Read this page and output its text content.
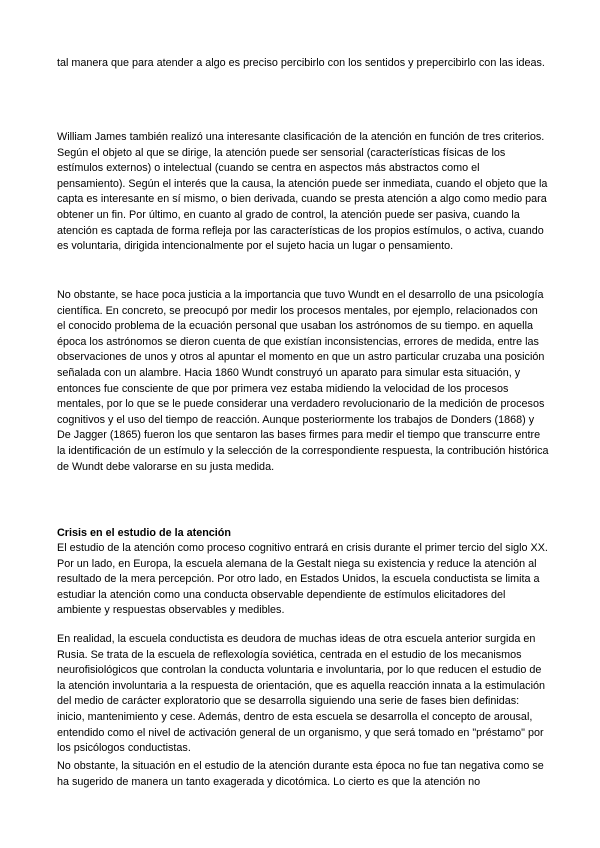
tal manera que para atender a algo es preciso percibirlo con los sentidos y prepercibirlo con las ideas.

William James también realizó una interesante clasificación de la atención en función de tres criterios. Según el objeto al que se dirige, la atención puede ser sensorial (características físicas de los estímulos externos) o intelectual (cuando se centra en aspectos más abstractos como el pensamiento). Según el interés que la causa, la atención puede ser inmediata, cuando el objeto que la capta es interesante en sí mismo, o bien derivada, cuando se presta atención a algo como medio para obtener un fin. Por último, en cuanto al grado de control, la atención puede ser pasiva, cuando la atención es captada de forma refleja por las características de los propios estímulos, o activa, cuando es voluntaria, dirigida intencionalmente por el sujeto hacia un lugar o pensamiento.

No obstante, se hace poca justicia a la importancia que tuvo Wundt en el desarrollo de una psicología científica. En concreto, se preocupó por medir los procesos mentales, por ejemplo, relacionados con el conocido problema de la ecuación personal que usaban los astrónomos de su tiempo. en aquella época los astrónomos se dieron cuenta de que existían inconsistencias, errores de medida, entre las observaciones de unos y otros al apuntar el momento en que un astro particular cruzaba una posición señalada con un alambre. Hacia 1860 Wundt construyó un aparato para simular esta situación, y entonces fue consciente de que por primera vez estaba midiendo la velocidad de los procesos mentales, por lo que se le puede considerar una verdadero revolucionario de la medición de procesos cognitivos y el uso del tiempo de reacción. Aunque posteriormente los trabajos de Donders (1868) y De Jagger (1865) fueron los que sentaron las bases firmes para medir el tiempo que transcurre entre la identificación de un estímulo y la selección de la correspondiente respuesta, la contribución histórica de Wundt debe valorarse en su justa medida.

Crisis en el estudio de la atención

El estudio de la atención como proceso cognitivo entrará en crisis durante el primer tercio del siglo XX. Por un lado, en Europa, la escuela alemana de la Gestalt niega su existencia y reduce la atención al resultado de la mera percepción. Por otro lado, en Estados Unidos, la escuela conductista se limita a estudiar la atención como una conducta observable dependiente de estímulos elicitadores del ambiente y respuestas observables y medibles.

En realidad, la escuela conductista es deudora de muchas ideas de otra escuela anterior surgida en Rusia. Se trata de la escuela de reflexología soviética, centrada en el estudio de los mecanismos neurofisiológicos que controlan la conducta voluntaria e involuntaria, por lo que reducen el estudio de la atención involuntaria a la respuesta de orientación, que es aquella reacción innata a la estimulación del medio de carácter exploratorio que se desarrolla siguiendo una serie de fases bien definidas: inicio, mantenimiento y cese. Además, dentro de esta escuela se desarrolla el concepto de arousal, entendido como el nivel de activación general de un organismo, y que será tomado en "préstamo" por los psicólogos conductistas.

No obstante, la situación en el estudio de la atención durante esta época no fue tan negativa como se ha sugerido de manera un tanto exagerada y dicotómica. Lo cierto es que la atención no
